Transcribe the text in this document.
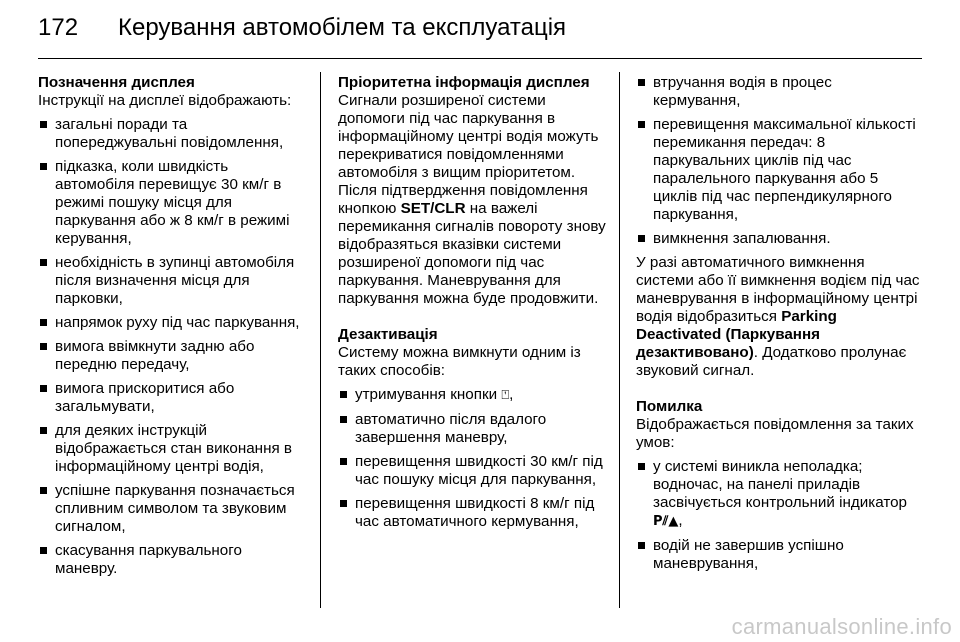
172 Керування автомобілем та експлуатація
Позначення дисплея

Інструкції на дисплеї відображають:

загальні поради та попереджувальні повідомлення,
підказка, коли швидкість автомобіля перевищує 30 км/г в режимі пошуку місця для паркування або ж 8 км/г в режимі керування,
необхідність в зупинці автомобіля після визначення місця для парковки,
напрямок руху під час паркування,
вимога ввімкнути задню або передню передачу,
вимога прискоритися або загальмувати,
для деяких інструкцій відображається стан виконання в інформаційному центрі водія,
успішне паркування позначається спливним символом та звуковим сигналом,
скасування паркувального маневру.
Пріоритетна інформація дисплея

Сигнали розширеної системи допомоги під час паркування в інформаційному центрі водія можуть перекриватися повідомленнями автомобіля з вищим пріоритетом. Після підтвердження повідомлення кнопкою SET/CLR на важелі перемикання сигналів повороту знову відобразяться вказівки системи розширеної допомоги під час паркування. Маневрування для паркування можна буде продовжити.

Дезактивація

Систему можна вимкнути одним із таких способів:

утримування кнопки ⍞,
автоматично після вдалого завершення маневру,
перевищення швидкості 30 км/г під час пошуку місця для паркування,
перевищення швидкості 8 км/г під час автоматичного кермування,
втручання водія в процес кермування,
перевищення максимальної кількості перемикання передач: 8 паркувальних циклів під час паралельного паркування або 5 циклів під час перпендикулярного паркування,
вимкнення запалювання.

У разі автоматичного вимкнення системи або її вимкнення водієм під час маневрування в інформаційному центрі водія відобразиться Parking Deactivated (Паркування дезактивовано). Додатково пролунає звуковий сигнал.

Помилка

Відображається повідомлення за таких умов:

у системі виникла неполадка; водночас, на панелі приладів засвічується контрольний індикатор P⫽▲,
водій не завершив успішно маневрування,
carmanualsonline.info
